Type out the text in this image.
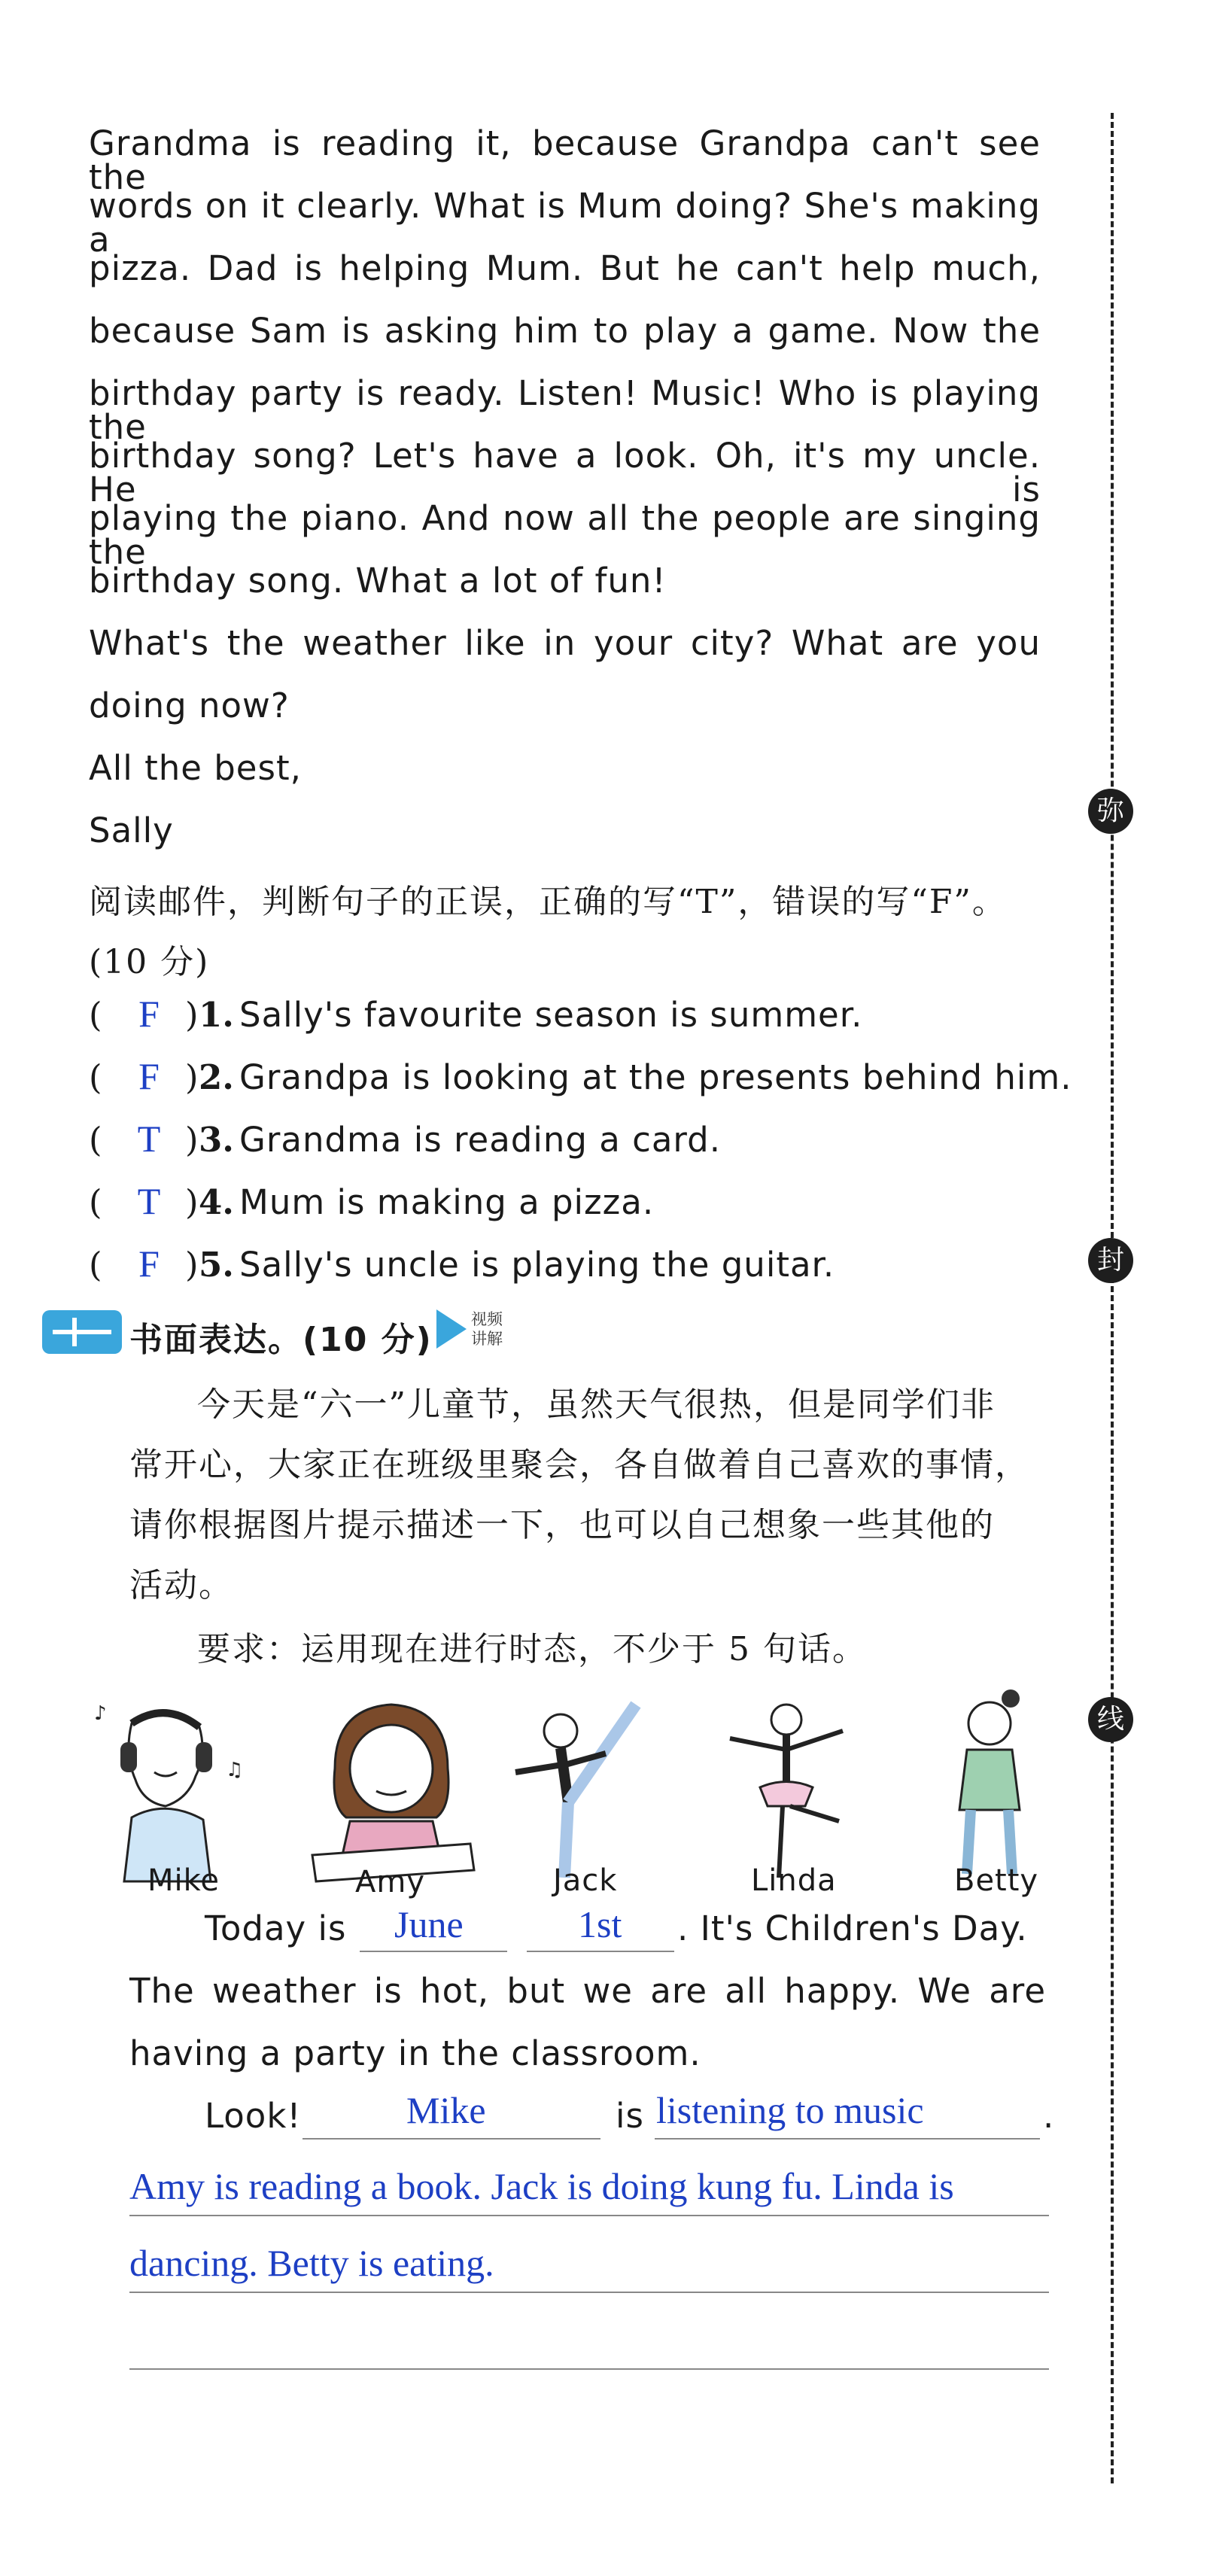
Grandma is reading it, because Grandpa can't see the
words on it clearly. What is Mum doing? She's making a
pizza. Dad is helping Mum. But he can't help much,
because Sam is asking him to play a game. Now the
birthday party is ready. Listen! Music! Who is playing the
birthday song? Let's have a look. Oh, it's my uncle. He is
playing the piano. And now all the people are singing the
birthday song. What a lot of fun!
What's the weather like in your city? What are you
doing now?
All the best,
Sally
阅读邮件，判断句子的正误，正确的写“T”，错误的写“F”。
(10 分)
( F ) 1. Sally's favourite season is summer.
( F ) 2. Grandpa is looking at the presents behind him.
( T ) 3. Grandma is reading a card.
( T ) 4. Mum is making a pizza.
( F ) 5. Sally's uncle is playing the guitar.
书面表达。(10 分)
视频
讲解
今天是“六一”儿童节，虽然天气很热，但是同学们非
常开心，大家正在班级里聚会，各自做着自己喜欢的事情，
请你根据图片提示描述一下，也可以自己想象一些其他的
活动。
要求：运用现在进行时态，不少于 5 句话。
♪
♫
Mike	Amy	Jack	Linda	Betty
Today is June	1st . It's Children's Day.
The weather is hot, but we are all happy. We are
having a party in the classroom.
Look!	Mike	is listening to music	.
Amy is reading a book. Jack is doing kung fu. Linda is
dancing. Betty is eating.
弥
封
线
